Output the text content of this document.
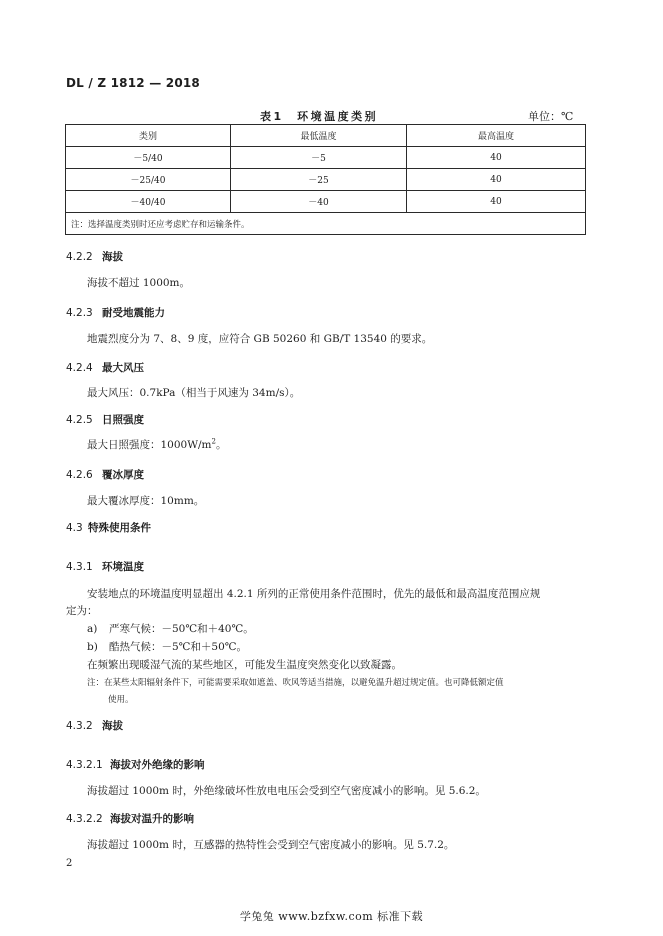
DL / Z 1812 — 2018
表1　环境温度类别	单位：℃
类别	最低温度	最高温度
－5/40	－5	40
－25/40	－25	40
－40/40	－40	40
注：选择温度类别时还应考虑贮存和运输条件。		
4.2.2 海拔
海拔不超过 1000m。
4.2.3 耐受地震能力
地震烈度分为 7、8、9 度，应符合 GB 50260 和 GB/T 13540 的要求。
4.2.4 最大风压
最大风压：0.7kPa（相当于风速为 34m/s）。
4.2.5 日照强度
最大日照强度：$1000W/m^2$。
4.2.6 覆冰厚度
最大覆冰厚度：10mm。
4.3 特殊使用条件
4.3.1 环境温度
安装地点的环境温度明显超出 4.2.1 所列的正常使用条件范围时，优先的最低和最高温度范围应规
定为：
a) 严寒气候：－50℃和＋40℃。
b) 酷热气候：－5℃和＋50℃。
在频繁出现暖湿气流的某些地区，可能发生温度突然变化以致凝露。
注：在某些太阳辐射条件下，可能需要采取如遮盖、吹风等适当措施，以避免温升超过规定值。也可降低额定值
使用。
4.3.2 海拔
4.3.2.1 海拔对外绝缘的影响
海拔超过 1000m 时，外绝缘破坏性放电电压会受到空气密度减小的影响。见 5.6.2。
4.3.2.2 海拔对温升的影响
海拔超过 1000m 时，互感器的热特性会受到空气密度减小的影响。见 5.7.2。
2
学兔兔 www.bzfxw.com 标准下载
